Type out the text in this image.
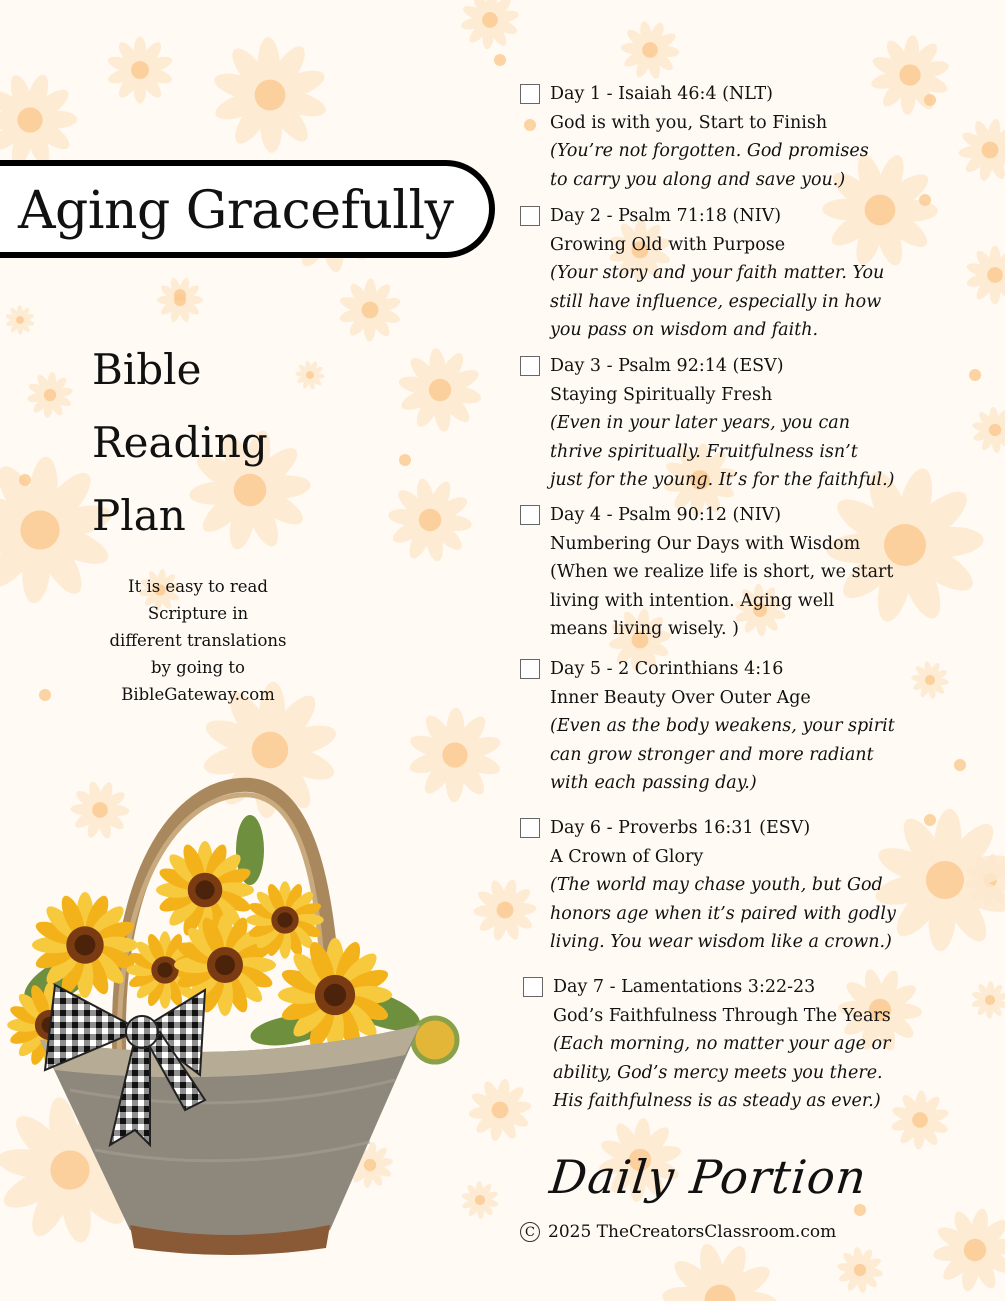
Aging Gracefully
Bible
Reading
Plan
It is easy to read
Scripture in
different translations
by going to
BibleGateway.com
Day 1 - Isaiah 46:4 (NLT)
God is with you, Start to Finish
(You’re not forgotten. God promises
to carry you along and save you.)
Day 2 - Psalm 71:18 (NIV)
Growing Old with Purpose
(Your story and your faith matter. You
still have influence, especially in how
you pass on wisdom and faith.
Day 3 - Psalm 92:14 (ESV)
Staying Spiritually Fresh
(Even in your later years, you can
thrive spiritually. Fruitfulness isn’t
just for the young. It’s for the faithful.)
Day 4 - Psalm 90:12 (NIV)
Numbering Our Days with Wisdom
(When we realize life is short, we start
living with intention. Aging well
means living wisely. )
Day 5 - 2 Corinthians 4:16
Inner Beauty Over Outer Age
(Even as the body weakens, your spirit
can grow stronger and more radiant
with each passing day.)
Day 6 - Proverbs 16:31 (ESV)
A Crown of Glory
(The world may chase youth, but God
honors age when it’s paired with godly
living. You wear wisdom like a crown.)
Day 7 - Lamentations 3:22-23
God’s Faithfulness Through The Years
(Each morning, no matter your age or
ability, God’s mercy meets you there.
His faithfulness is as steady as ever.)
Daily Portion
C 2025 TheCreatorsClassroom.com
